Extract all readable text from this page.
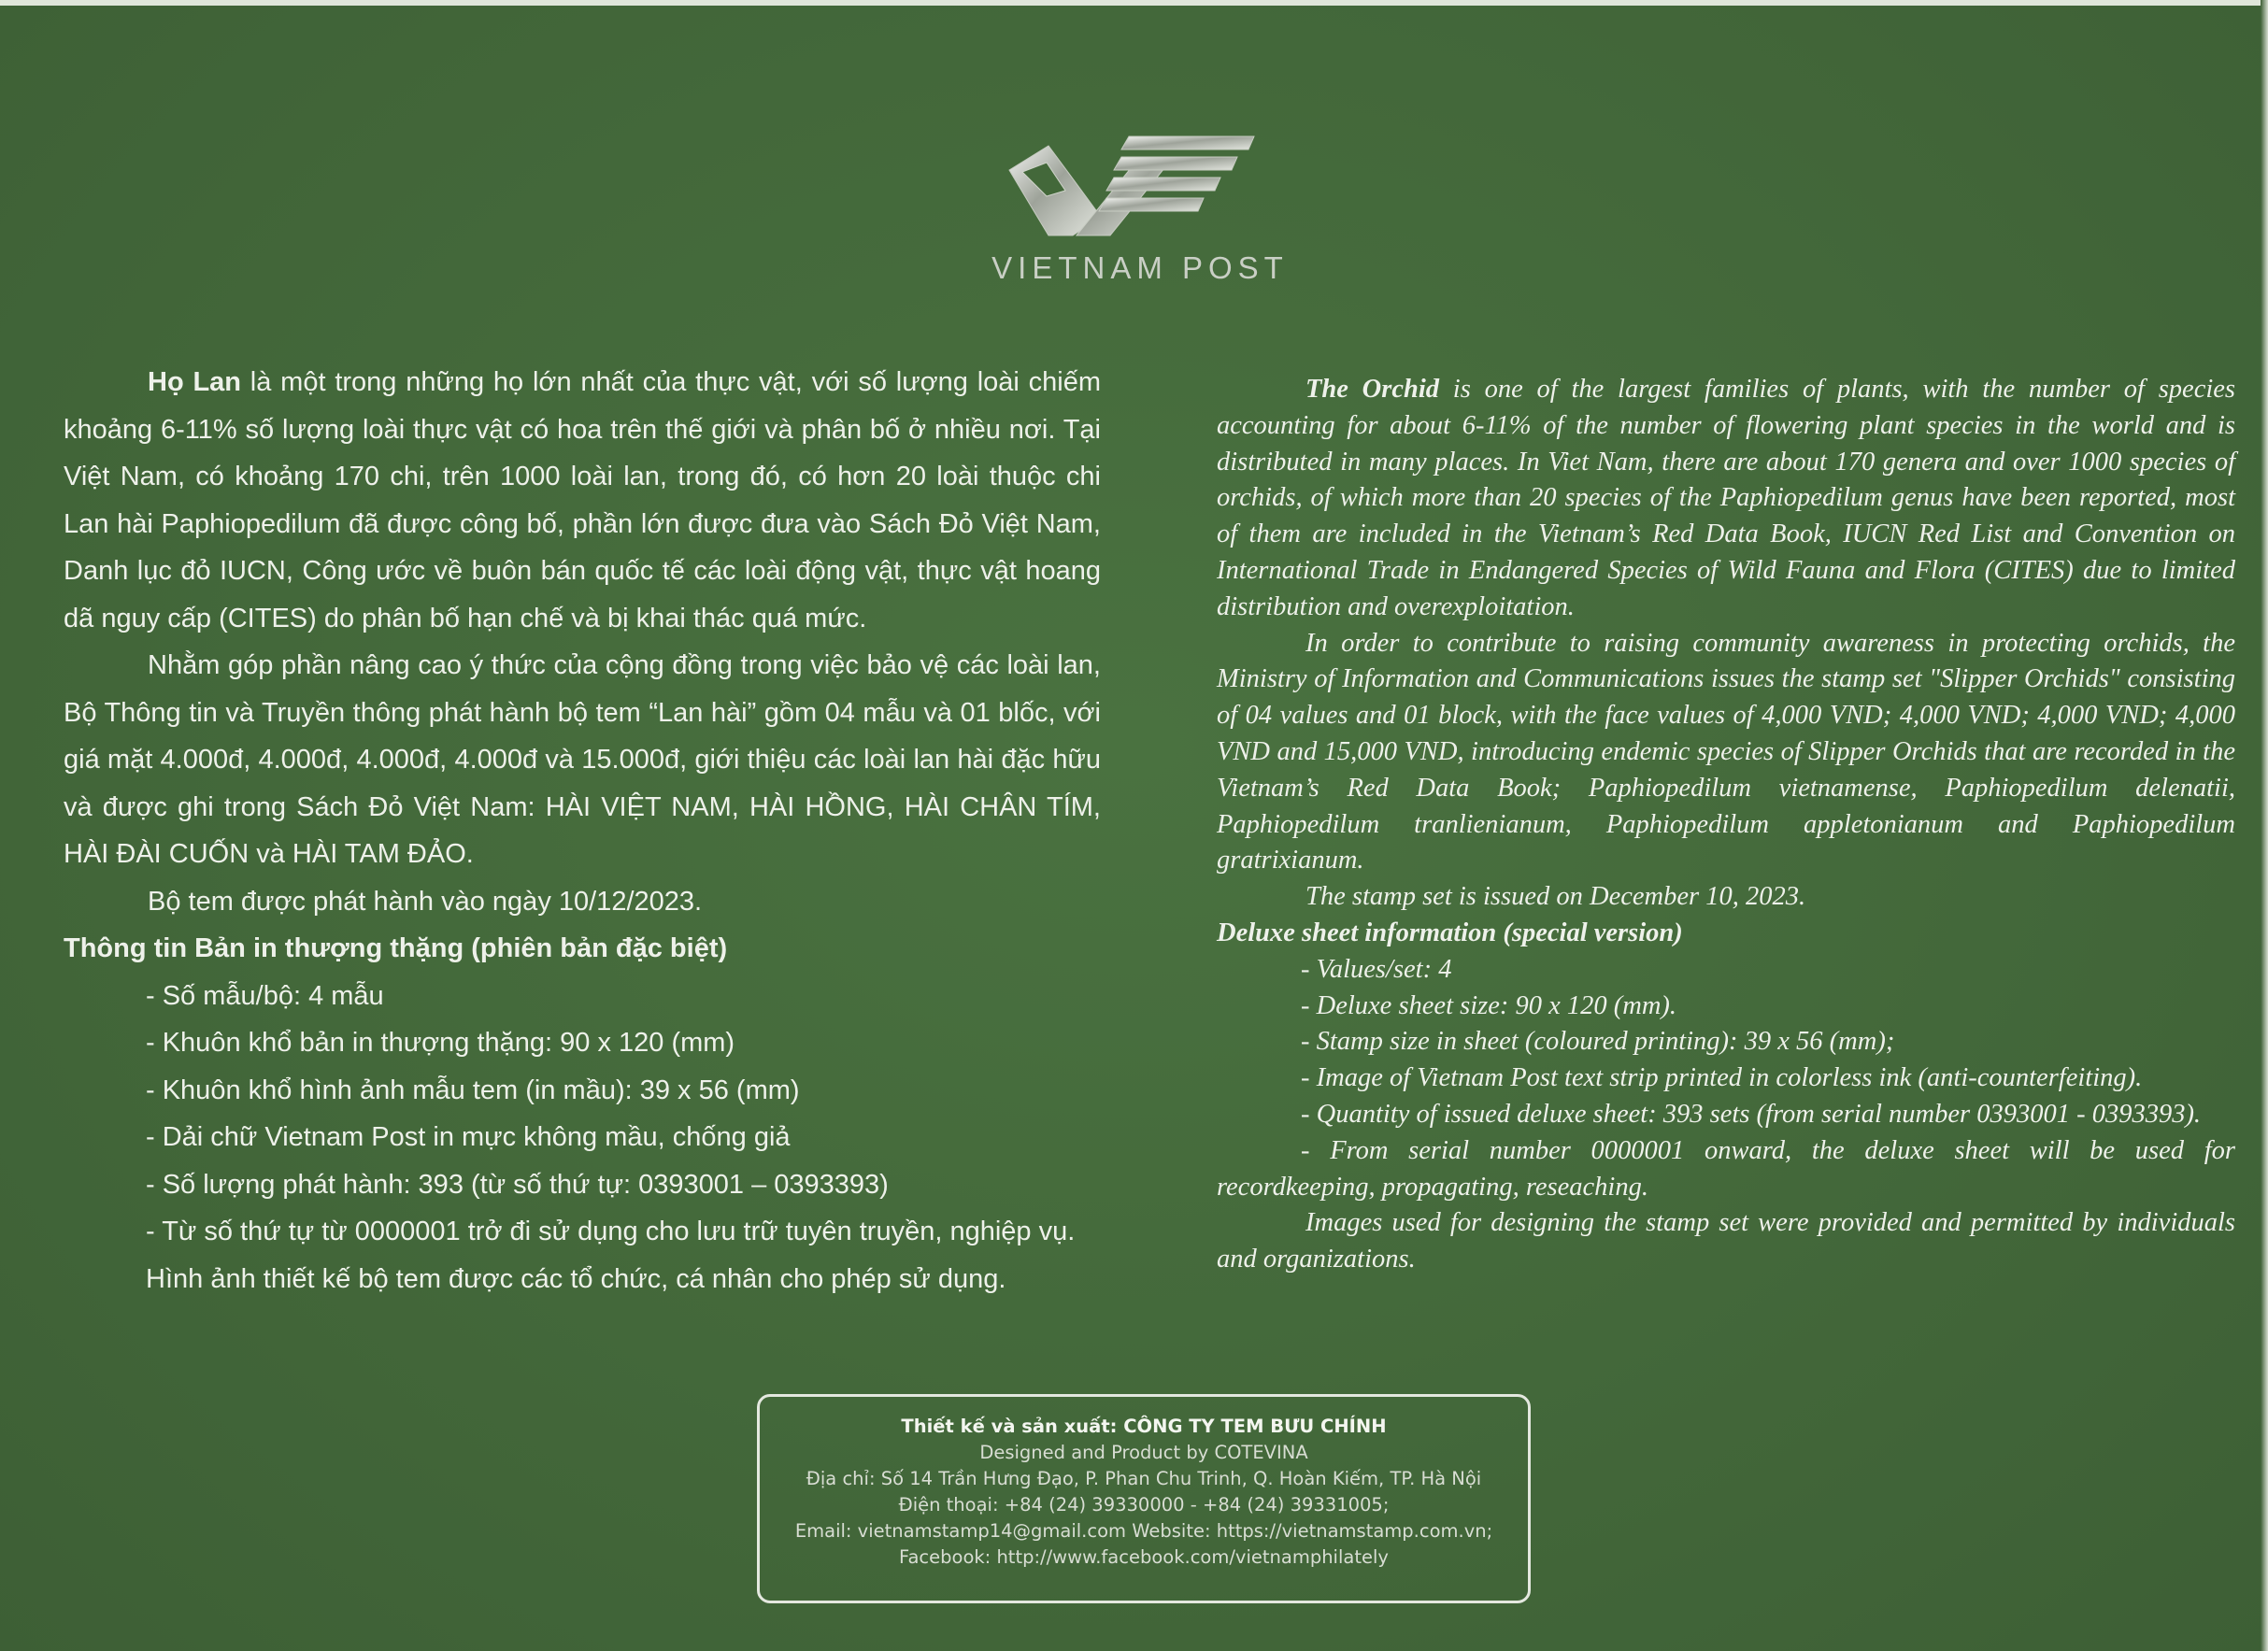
VIETNAM POST

Họ Lan là một trong những họ lớn nhất của thực vật, với số lượng loài chiếm khoảng 6-11% số lượng loài thực vật có hoa trên thế giới và phân bố ở nhiều nơi. Tại Việt Nam, có khoảng 170 chi, trên 1000 loài lan, trong đó, có hơn 20 loài thuộc chi Lan hài Paphiopedilum đã được công bố, phần lớn được đưa vào Sách Đỏ Việt Nam, Danh lục đỏ IUCN, Công ước về buôn bán quốc tế các loài động vật, thực vật hoang dã nguy cấp (CITES) do phân bố hạn chế và bị khai thác quá mức.

Nhằm góp phần nâng cao ý thức của cộng đồng trong việc bảo vệ các loài lan, Bộ Thông tin và Truyền thông phát hành bộ tem “Lan hài” gồm 04 mẫu và 01 blốc, với giá mặt 4.000đ, 4.000đ, 4.000đ, 4.000đ và 15.000đ, giới thiệu các loài lan hài đặc hữu và được ghi trong Sách Đỏ Việt Nam: HÀI VIỆT NAM, HÀI HỒNG, HÀI CHÂN TÍM, HÀI ĐÀI CUỐN và HÀI TAM ĐẢO.

Bộ tem được phát hành vào ngày 10/12/2023.

Thông tin Bản in thượng thặng (phiên bản đặc biệt)

- Số mẫu/bộ: 4 mẫu

- Khuôn khổ bản in thượng thặng: 90 x 120 (mm)

- Khuôn khổ hình ảnh mẫu tem (in mầu): 39 x 56 (mm)

- Dải chữ Vietnam Post in mực không mầu, chống giả

- Số lượng phát hành: 393 (từ số thứ tự: 0393001 – 0393393)

- Từ số thứ tự từ 0000001 trở đi sử dụng cho lưu trữ tuyên truyền, nghiệp vụ.

Hình ảnh thiết kế bộ tem được các tổ chức, cá nhân cho phép sử dụng.

The Orchid is one of the largest families of plants, with the number of species accounting for about 6-11% of the number of flowering plant species in the world and is distributed in many places. In Viet Nam, there are about 170 genera and over 1000 species of orchids, of which more than 20 species of the Paphiopedilum genus have been reported, most of them are included in the Vietnam’s Red Data Book, IUCN Red List and Convention on International Trade in Endangered Species of Wild Fauna and Flora (CITES) due to limited distribution and overexploitation.

In order to contribute to raising community awareness in protecting orchids, the Ministry of Information and Communications issues the stamp set "Slipper Orchids" consisting of 04 values and 01 block, with the face values of 4,000 VND; 4,000 VND; 4,000 VND; 4,000 VND and 15,000 VND, introducing endemic species of Slipper Orchids that are recorded in the Vietnam’s Red Data Book; Paphiopedilum vietnamense, Paphiopedilum delenatii, Paphiopedilum tranlienianum, Paphiopedilum appletonianum and Paphiopedilum gratrixianum.

The stamp set is issued on December 10, 2023.

Deluxe sheet information (special version)

- Values/set: 4

- Deluxe sheet size: 90 x 120 (mm).

- Stamp size in sheet (coloured printing): 39 x 56 (mm);

- Image of Vietnam Post text strip printed in colorless ink (anti-counterfeiting).

- Quantity of issued deluxe sheet: 393 sets (from serial number 0393001 - 0393393).

- From serial number 0000001 onward, the deluxe sheet will be used for recordkeeping, propagating, reseaching.

Images used for designing the stamp set were provided and permitted by individuals and organizations.

Thiết kế và sản xuất: CÔNG TY TEM BƯU CHÍNH

Designed and Product by COTEVINA

Địa chỉ: Số 14 Trần Hưng Đạo, P. Phan Chu Trinh, Q. Hoàn Kiếm, TP. Hà Nội

Điện thoại: +84 (24) 39330000 - +84 (24) 39331005;

Email: vietnamstamp14@gmail.com Website: https://vietnamstamp.com.vn;

Facebook: http://www.facebook.com/vietnamphilately
